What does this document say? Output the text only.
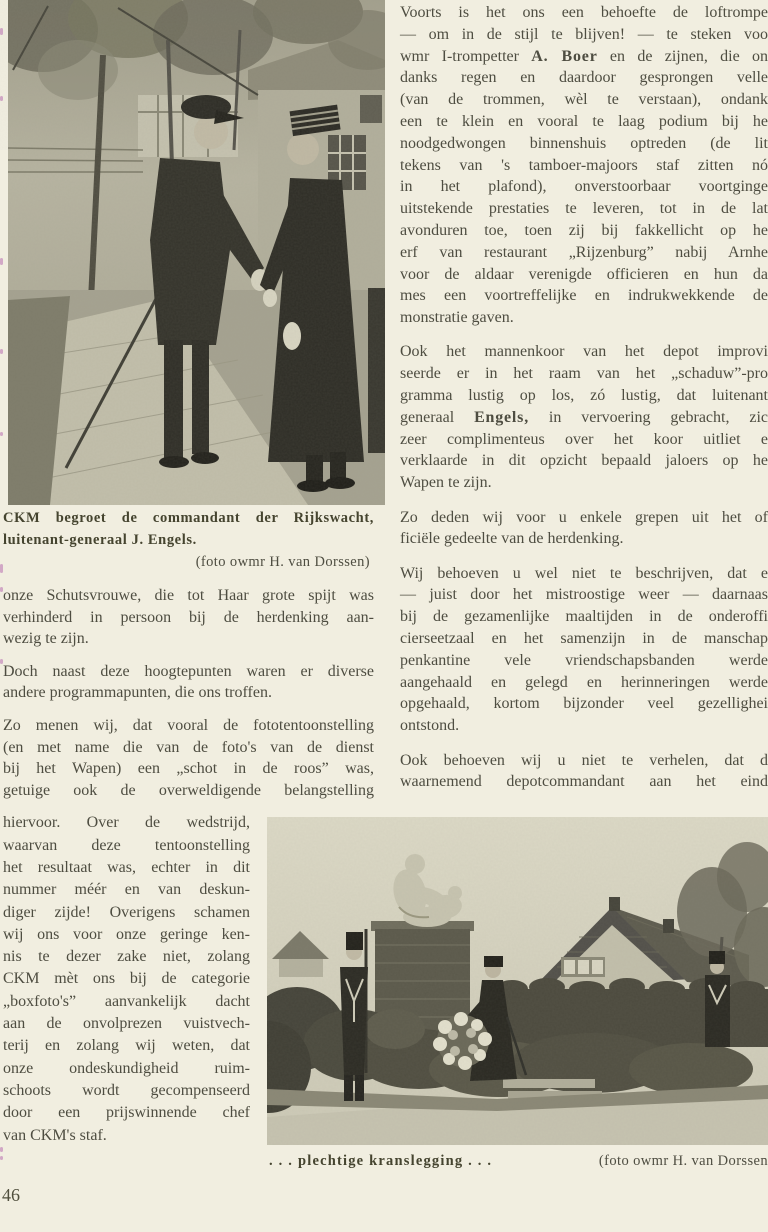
CKM begroet de commandant der Rijkswacht,
luitenant-generaal J. Engels.
(foto owmr H. van Dorssen)
onze Schutsvrouwe, die tot Haar grote spijt was
verhinderd in persoon bij de herdenking aan-
wezig te zijn.
Doch naast deze hoogtepunten waren er diverse
andere programmapunten, die ons troffen.
Zo menen wij, dat vooral de fototentoonstelling
(en met name die van de foto's van de dienst
bij het Wapen) een „schot in de roos” was,
getuige ook de overweldigende belangstelling
hiervoor. Over de wedstrijd,
waarvan deze tentoonstelling
het resultaat was, echter in dit
nummer méér en van deskun-
diger zijde! Overigens schamen
wij ons voor onze geringe ken-
nis te dezer zake niet, zolang
CKM mèt ons bij de categorie
„boxfoto's” aanvankelijk dacht
aan de onvolprezen vuistvech-
terij en zolang wij weten, dat
onze ondeskundigheid ruim-
schoots wordt gecompenseerd
door een prijswinnende chef
van CKM's staf.
Voorts is het ons een behoefte de loftrompe
— om in de stijl te blijven! — te steken voo
wmr I-trompetter A. Boer en de zijnen, die on
danks regen en daardoor gesprongen velle
(van de trommen, wèl te verstaan), ondank
een te klein en vooral te laag podium bij he
noodgedwongen binnenshuis optreden (de lit
tekens van 's tamboer-majoors staf zitten nó
in het plafond), onverstoorbaar voortginge
uitstekende prestaties te leveren, tot in de lat
avonduren toe, toen zij bij fakkellicht op he
erf van restaurant „Rijzenburg” nabij Arnhe
voor de aldaar verenigde officieren en hun da
mes een voortreffelijke en indrukwekkende de
monstratie gaven.
Ook het mannenkoor van het depot improvi
seerde er in het raam van het „schaduw”-pro
gramma lustig op los, zó lustig, dat luitenant
generaal Engels, in vervoering gebracht, zic
zeer complimenteus over het koor uitliet e
verklaarde in dit opzicht bepaald jaloers op he
Wapen te zijn.
Zo deden wij voor u enkele grepen uit het of
ficiële gedeelte van de herdenking.
Wij behoeven u wel niet te beschrijven, dat e
— juist door het mistroostige weer — daarnaas
bij de gezamenlijke maaltijden in de onderoffi
cierseetzaal en het samenzijn in de manschap
penkantine vele vriendschapsbanden werde
aangehaald en gelegd en herinneringen werde
opgehaald, kortom bijzonder veel gezellighei
ontstond.
Ook behoeven wij u niet te verhelen, dat d
waarnemend depotcommandant aan het eind
. . . plechtige kranslegging . . .	(foto owmr H. van Dorssen
46
